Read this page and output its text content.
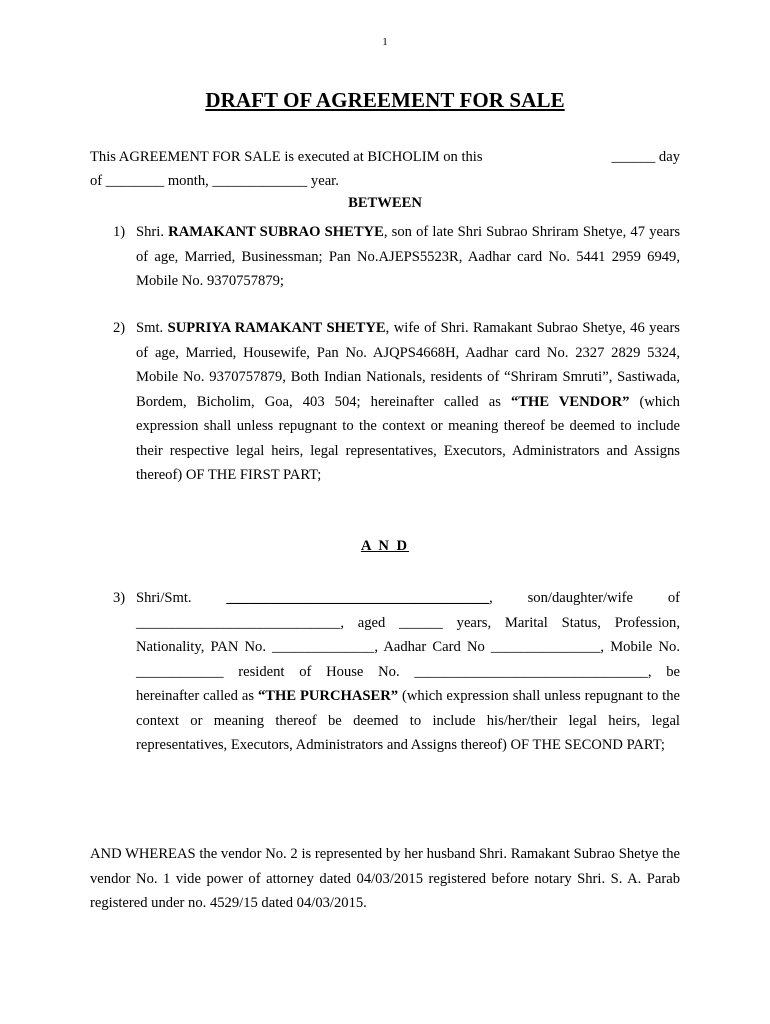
1
DRAFT OF AGREEMENT FOR SALE
This AGREEMENT FOR SALE is executed at BICHOLIM on this	______ day
of ________ month, _____________ year.
BETWEEN
1) Shri. RAMAKANT SUBRAO SHETYE, son of late Shri Subrao Shriram Shetye, 47 years of age, Married, Businessman; Pan No.AJEPS5523R, Aadhar card No. 5441 2959 6949, Mobile No. 9370757879;
2) Smt. SUPRIYA RAMAKANT SHETYE, wife of Shri. Ramakant Subrao Shetye, 46 years of age, Married, Housewife, Pan No. AJQPS4668H, Aadhar card No. 2327 2829 5324, Mobile No. 9370757879, Both Indian Nationals, residents of “Shriram Smruti”, Sastiwada, Bordem, Bicholim, Goa, 403 504; hereinafter called as “THE VENDOR” (which expression shall unless repugnant to the context or meaning thereof be deemed to include their respective legal heirs, legal representatives, Executors, Administrators and Assigns thereof) OF THE FIRST PART;
A N D
3) Shri/Smt. ____________________________________, son/daughter/wife of ____________________________, aged ______ years, Marital Status, Profession, Nationality, PAN No. ______________, Aadhar Card No _______________, Mobile No. ____________ resident of House No. ________________________________, be hereinafter called as “THE PURCHASER” (which expression shall unless repugnant to the context or meaning thereof be deemed to include his/her/their legal heirs, legal representatives, Executors, Administrators and Assigns thereof) OF THE SECOND PART;
AND WHEREAS the vendor No. 2 is represented by her husband Shri. Ramakant Subrao Shetye the vendor No. 1 vide power of attorney dated 04/03/2015 registered before notary Shri. S. A. Parab registered under no. 4529/15 dated 04/03/2015.
